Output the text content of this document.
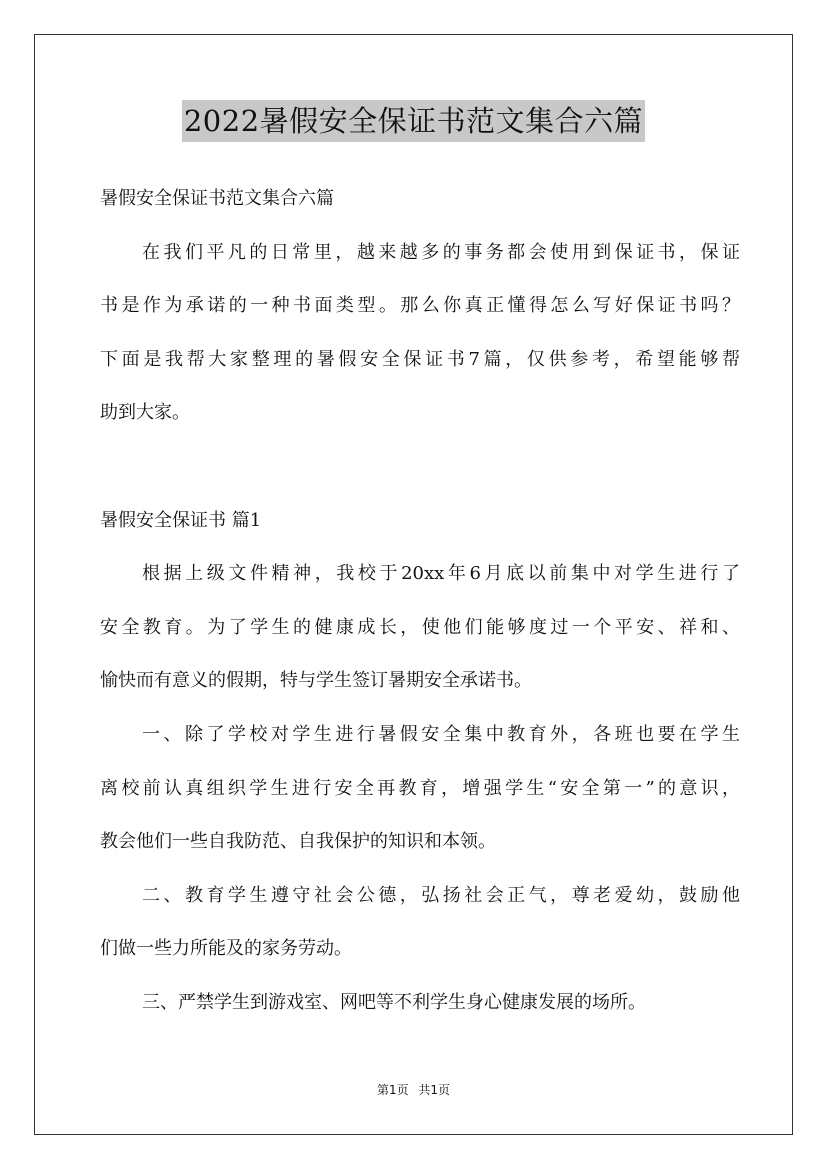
2022暑假安全保证书范文集合六篇
暑假安全保证书范文集合六篇
在我们平凡的日常里，越来越多的事务都会使用到保证书，保证
书是作为承诺的一种书面类型。那么你真正懂得怎么写好保证书吗？
下面是我帮大家整理的暑假安全保证书7篇，仅供参考，希望能够帮
助到大家。
暑假安全保证书 篇1
根据上级文件精神，我校于20xx年6月底以前集中对学生进行了
安全教育。为了学生的健康成长，使他们能够度过一个平安、祥和、
愉快而有意义的假期，特与学生签订暑期安全承诺书。
一、除了学校对学生进行暑假安全集中教育外，各班也要在学生
离校前认真组织学生进行安全再教育，增强学生“安全第一”的意识，
教会他们一些自我防范、自我保护的知识和本领。
二、教育学生遵守社会公德，弘扬社会正气，尊老爱幼，鼓励他
们做一些力所能及的家务劳动。
三、严禁学生到游戏室、网吧等不利学生身心健康发展的场所。
第1页 共1页
